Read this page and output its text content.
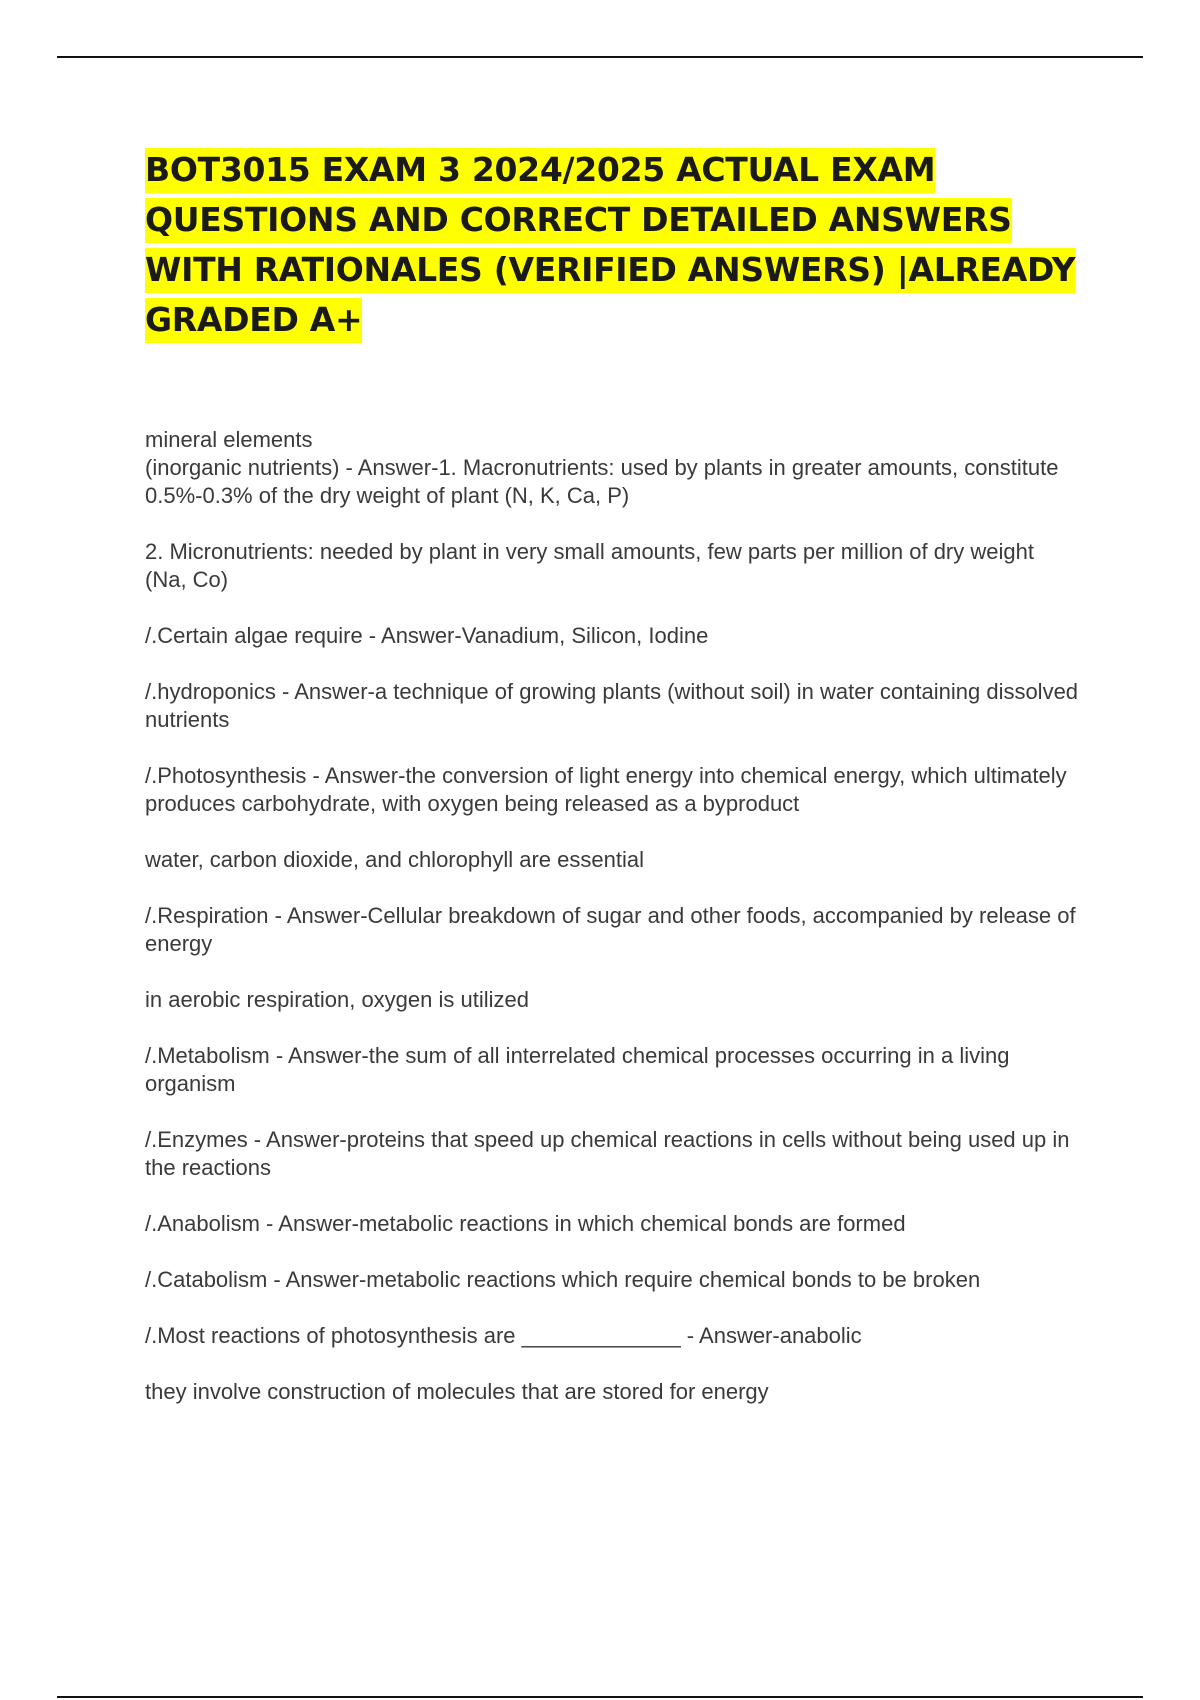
BOT3015 EXAM 3 2024/2025 ACTUAL EXAM QUESTIONS AND CORRECT DETAILED ANSWERS WITH RATIONALES (VERIFIED ANSWERS) |ALREADY GRADED A+

mineral elements
(inorganic nutrients) - Answer-1. Macronutrients: used by plants in greater amounts, constitute 0.5%-0.3% of the dry weight of plant (N, K, Ca, P)

2. Micronutrients: needed by plant in very small amounts, few parts per million of dry weight
(Na, Co)

/.Certain algae require - Answer-Vanadium, Silicon, Iodine

/.hydroponics - Answer-a technique of growing plants (without soil) in water containing dissolved nutrients

/.Photosynthesis - Answer-the conversion of light energy into chemical energy, which ultimately produces carbohydrate, with oxygen being released as a byproduct

water, carbon dioxide, and chlorophyll are essential

/.Respiration - Answer-Cellular breakdown of sugar and other foods, accompanied by release of energy

in aerobic respiration, oxygen is utilized

/.Metabolism - Answer-the sum of all interrelated chemical processes occurring in a living organism

/.Enzymes - Answer-proteins that speed up chemical reactions in cells without being used up in the reactions

/.Anabolism - Answer-metabolic reactions in which chemical bonds are formed

/.Catabolism - Answer-metabolic reactions which require chemical bonds to be broken

/.Most reactions of photosynthesis are _____________ - Answer-anabolic

they involve construction of molecules that are stored for energy
